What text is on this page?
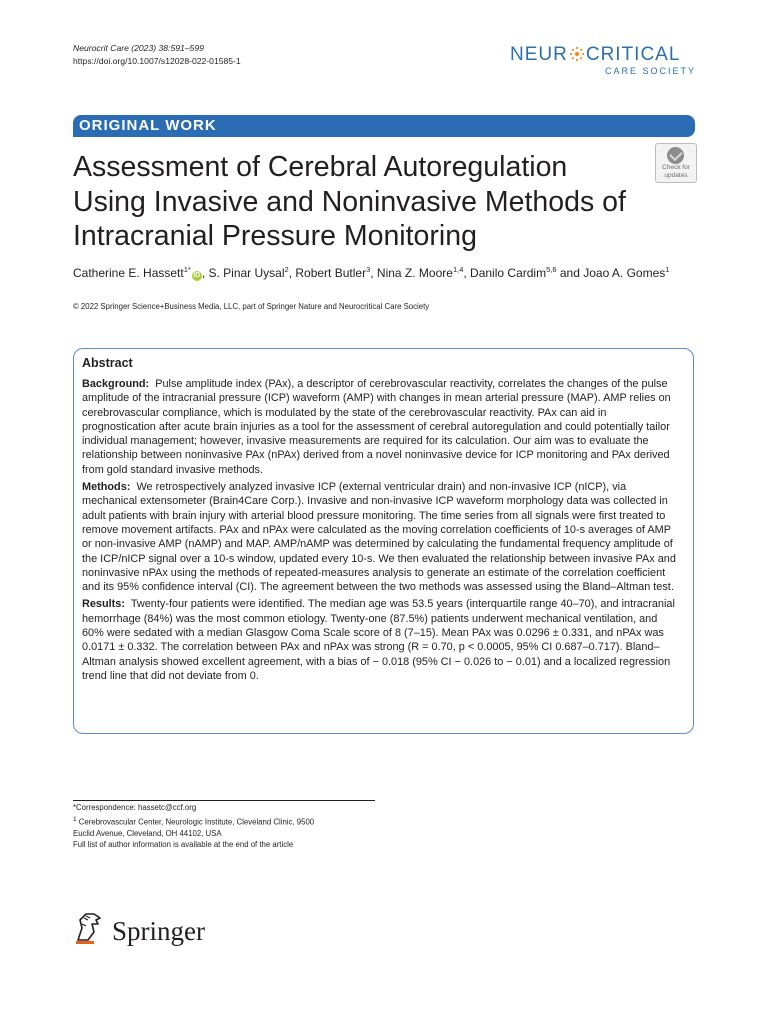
Neurocrit Care (2023) 38:591–599
https://doi.org/10.1007/s12028-022-01585-1	NEUR CRITICAL
CARE SOCIETY
ORIGINAL WORK
Assessment of Cerebral Autoregulation Using Invasive and Noninvasive Methods of Intracranial Pressure Monitoring
Check for
updates
Catherine E. Hassett$^{1*}$iD , S. Pinar Uysal$^2$, Robert Butler$^3$, Nina Z. Moore$^{1,4}$, Danilo Cardim$^{5,6}$ and Joao A. Gomes$^1$
© 2022 Springer Science+Business Media, LLC, part of Springer Nature and Neurocritical Care Society
Abstract

Background: Pulse amplitude index (PAx), a descriptor of cerebrovascular reactivity, correlates the changes of the pulse amplitude of the intracranial pressure (ICP) waveform (AMP) with changes in mean arterial pressure (MAP). AMP relies on cerebrovascular compliance, which is modulated by the state of the cerebrovascular reactivity. PAx can aid in prognostication after acute brain injuries as a tool for the assessment of cerebral autoregulation and could potentially tailor individual management; however, invasive measurements are required for its calculation. Our aim was to evaluate the relationship between noninvasive PAx (nPAx) derived from a novel noninvasive device for ICP monitoring and PAx derived from gold standard invasive methods.

Methods: We retrospectively analyzed invasive ICP (external ventricular drain) and non-invasive ICP (nICP), via mechanical extensometer (Brain4Care Corp.). Invasive and non-invasive ICP waveform morphology data was collected in adult patients with brain injury with arterial blood pressure monitoring. The time series from all signals were first treated to remove movement artifacts. PAx and nPAx were calculated as the moving correlation coefficients of 10-s averages of AMP or non-invasive AMP (nAMP) and MAP. AMP/nAMP was determined by calculating the fundamental frequency amplitude of the ICP/nICP signal over a 10-s window, updated every 10-s. We then evaluated the relationship between invasive PAx and noninvasive nPAx using the methods of repeated-measures analysis to generate an estimate of the correlation coefficient and its 95% confidence interval (CI). The agreement between the two methods was assessed using the Bland–Altman test.

Results: Twenty-four patients were identified. The median age was 53.5 years (interquartile range 40–70), and intracranial hemorrhage (84%) was the most common etiology. Twenty-one (87.5%) patients underwent mechanical ventilation, and 60% were sedated with a median Glasgow Coma Scale score of 8 (7–15). Mean PAx was 0.0296 ± 0.331, and nPAx was 0.0171 ± 0.332. The correlation between PAx and nPAx was strong (R = 0.70, p < 0.0005, 95% CI 0.687–0.717). Bland–Altman analysis showed excellent agreement, with a bias of − 0.018 (95% CI − 0.026 to − 0.01) and a localized regression trend line that did not deviate from 0.

*Correspondence: hassetc@ccf.org
$^1$ Cerebrovascular Center, Neurologic Institute, Cleveland Clinic, 9500
Euclid Avenue, Cleveland, OH 44102, USA
Full list of author information is available at the end of the article
Springer
